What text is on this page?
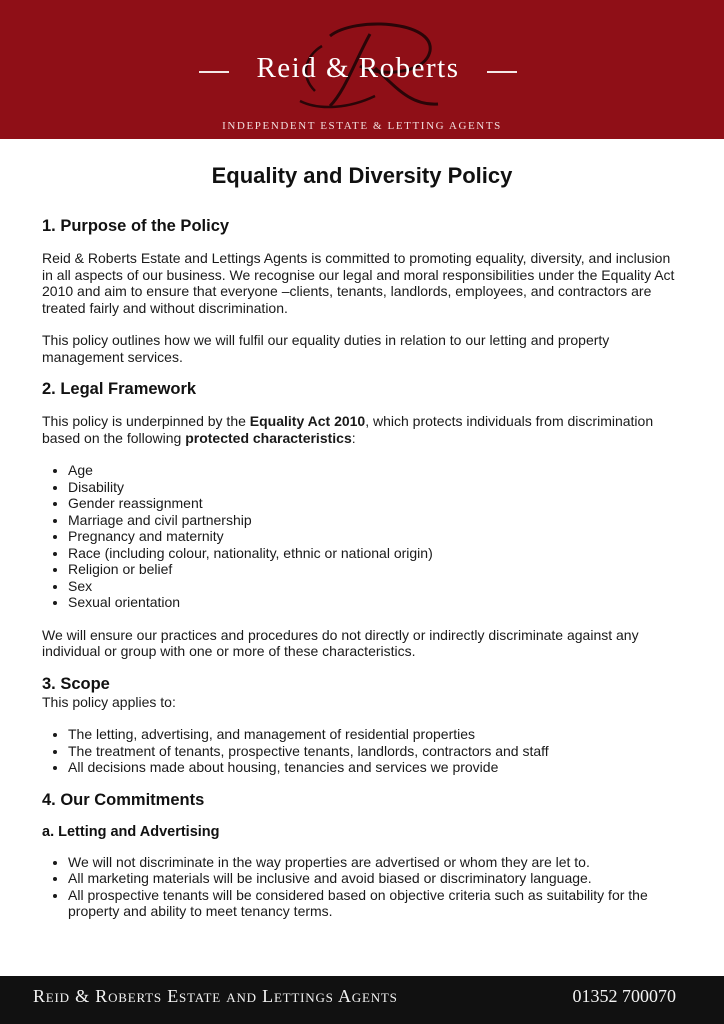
Reid & Roberts
INDEPENDENT ESTATE & LETTING AGENTS
Equality and Diversity Policy
1. Purpose of the Policy

Reid & Roberts Estate and Lettings Agents is committed to promoting equality, diversity, and inclusion in all aspects of our business. We recognise our legal and moral responsibilities under the Equality Act 2010 and aim to ensure that everyone –clients, tenants, landlords, employees, and contractors are treated fairly and without discrimination.

This policy outlines how we will fulfil our equality duties in relation to our letting and property management services.

2. Legal Framework

This policy is underpinned by the Equality Act 2010, which protects individuals from discrimination based on the following protected characteristics:

• Age
• Disability
• Gender reassignment
• Marriage and civil partnership
• Pregnancy and maternity
• Race (including colour, nationality, ethnic or national origin)
• Religion or belief
• Sex
• Sexual orientation

We will ensure our practices and procedures do not directly or indirectly discriminate against any individual or group with one or more of these characteristics.

3. Scope

This policy applies to:

• The letting, advertising, and management of residential properties
• The treatment of tenants, prospective tenants, landlords, contractors and staff
• All decisions made about housing, tenancies and services we provide
4. Our Commitments
a. Letting and Advertising
• We will not discriminate in the way properties are advertised or whom they are let to.
• All marketing materials will be inclusive and avoid biased or discriminatory language.
• All prospective tenants will be considered based on objective criteria such as suitability for the property and ability to meet tenancy terms.
Reid & Roberts Estate and Lettings Agents	01352 700070
